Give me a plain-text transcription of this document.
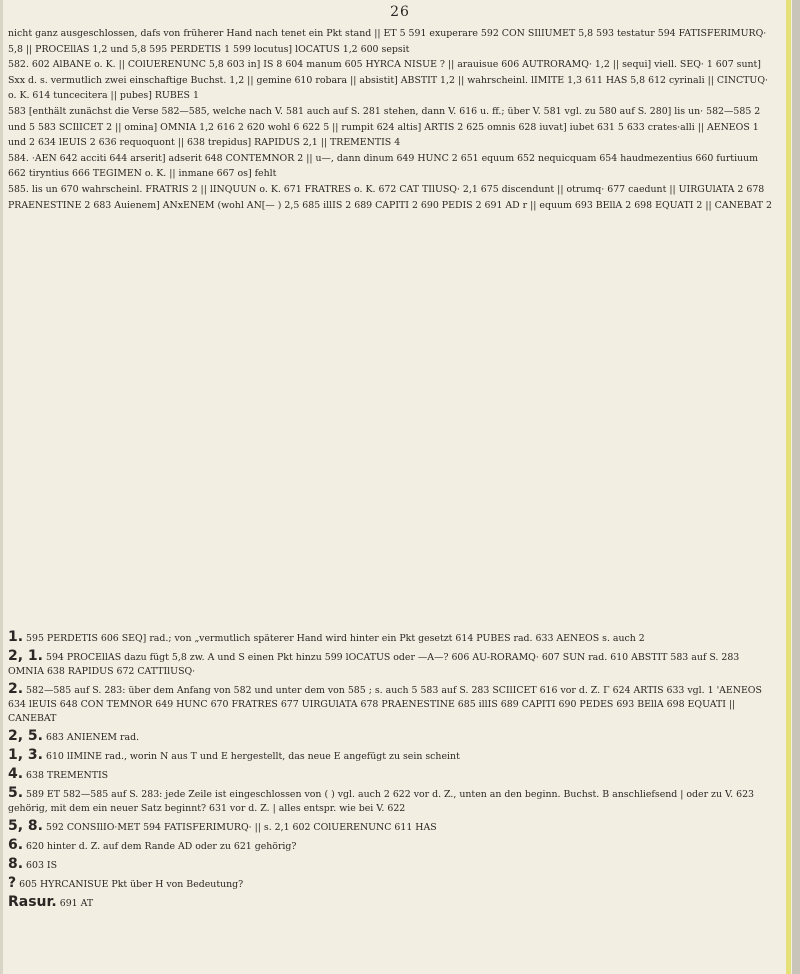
26

nicht ganz ausgeschlossen, dafs von früherer Hand nach tenet ein Pkt stand || ET 5 591 exuperare 592 CON SIlIUMET 5,8 593 testatur 594 FATISFERIMURQ· 5,8 || PROCEllAS 1,2 und 5,8 595 PERDETIS 1 599 locutus] lOCATUS 1,2 600 sepsit

582. 602 AlBANE o. K. || COlUERENUNC 5,8 603 in] IS 8 604 manum 605 HYRCA NISUE ? || arauisue 606 AUTRORAMQ· 1,2 || sequi] viell. SEQ· 1 607 sunt] Sxx d. s. vermutlich zwei einschaftige Buchst. 1,2 || gemine 610 robara || absistit] ABSTIT 1,2 || wahrscheinl. lIMITE 1,3 611 HAS 5,8 612 cyrinali || CINCTUQ· o. K. 614 tuncecitera || pubes] RUBES 1

583 [enthält zunächst die Verse 582—585, welche nach V. 581 auch auf S. 281 stehen, dann V. 616 u. ff.; über V. 581 vgl. zu 580 auf S. 280] lis un· 582—585 2 und 5 583 SCIlICET 2 || omina] OMNIA 1,2 616 2 620 wohl 6 622 5 || rumpit 624 altis] ARTIS 2 625 omnis 628 iuvat] iubet 631 5 633 crates·alli || AENEOS 1 und 2 634 lEUIS 2 636 requoquont || 638 trepidus] RAPIDUS 2,1 || TREMENTIS 4

584. ·AEN 642 acciti 644 arserit] adserit 648 CONTEMNOR 2 || u—, dann dinum 649 HUNC 2 651 equum 652 nequicquam 654 haudmezentius 660 furtiuum 662 tiryntius 666 TEGIMEN o. K. || inmane 667 os] fehlt

585. lis un 670 wahrscheinl. FRATRIS 2 || lINQUUN o. K. 671 FRATRES o. K. 672 CAT TIlUSQ· 2,1 675 discendunt || otrumq· 677 caedunt || UIRGUlATA 2 678 PRAENESTINE 2 683 Auienem] ANxENEM (wohl AN[— ) 2,5 685 illIS 2 689 CAPITI 2 690 PEDIS 2 691 AD r || equum 693 BEllA 2 698 EQUATI 2 || CANEBAT 2

1. 595 PERDETIS 606 SEQ] rad.; von „vermutlich späterer Hand wird hinter ein Pkt gesetzt 614 PUBES rad. 633 AENEOS s. auch 2

2, 1. 594 PROCEllAS dazu fügt 5,8 zw. A und S einen Pkt hinzu 599 lOCATUS oder —A—? 606 AU-RORAMQ· 607 SUN rad. 610 ABSTIT 583 auf S. 283 OMNIA 638 RAPIDUS 672 CATTIlUSQ·

2. 582—585 auf S. 283: über dem Anfang von 582 und unter dem von 585 ; s. auch 5 583 auf S. 283 SCIlICET 616 vor d. Z. Γ 624 ARTIS 633 vgl. 1 'AENEOS 634 lEUIS 648 CON TEMNOR 649 HUNC 670 FRATRES 677 UIRGUlATA 678 PRAENESTINE 685 illIS 689 CAPITI 690 PEDES 693 BEllA 698 EQUATI || CANEBAT

2, 5. 683 ANIENEM rad.

1, 3. 610 lIMINE rad., worin N aus T und E hergestellt, das neue E angefügt zu sein scheint

4. 638 TREMENTIS

5. 589 ET 582—585 auf S. 283: jede Zeile ist eingeschlossen von ( ) vgl. auch 2 622 vor d. Z., unten an den beginn. Buchst. B anschliefsend | oder zu V. 623 gehörig, mit dem ein neuer Satz beginnt? 631 vor d. Z. | alles entspr. wie bei V. 622

5, 8. 592 CONSIlIO·MET 594 FATISFERIMURQ· || s. 2,1 602 COlUERENUNC 611 HAS

6. 620 hinter d. Z. auf dem Rande AD oder zu 621 gehörig?

8. 603 IS

? 605 HYRCANISUE Pkt über H von Bedeutung?

Rasur. 691 AT
